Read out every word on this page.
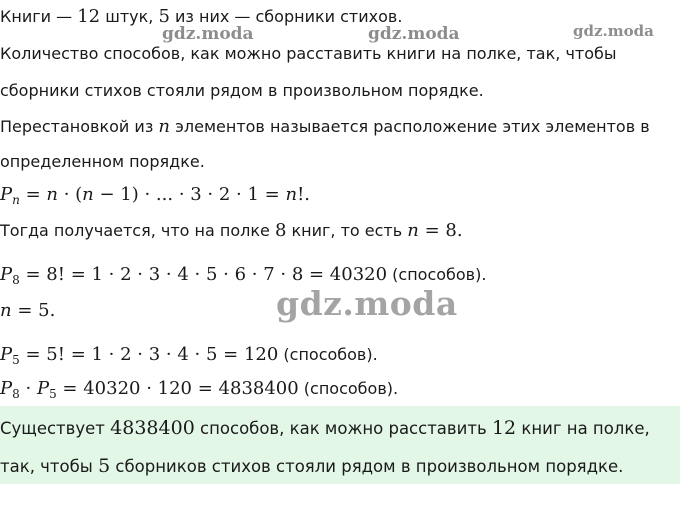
Книги — 12 штук, 5 из них — сборники стихов.
Количество способов, как можно расставить книги на полке, так, чтобы
сборники стихов стояли рядом в произвольном порядке.
Перестановкой из n элементов называется расположение этих элементов в
определенном порядке.
$P_n = n \cdot (n - 1)$ · ... · 3 · 2 · 1 = n!.
Тогда получается, что на полке 8 книг, то есть n = 8.
$P_8 = 8$! = 1 · 2 · 3 · 4 · 5 · 6 · 7 · 8 = 40320 (способов).
n = 5.
$P_5 = 5$! = 1 · 2 · 3 · 4 · 5 = 120 (способов).
$P_8 \cdot P_5 = 40320 \cdot 120 = 4838400$ (способов).
Существует 4838400 способов, как можно расставить 12 книг на полке,
так, чтобы 5 сборников стихов стояли рядом в произвольном порядке.
gdz.moda	gdz.moda	gdz.moda
gdz.moda
